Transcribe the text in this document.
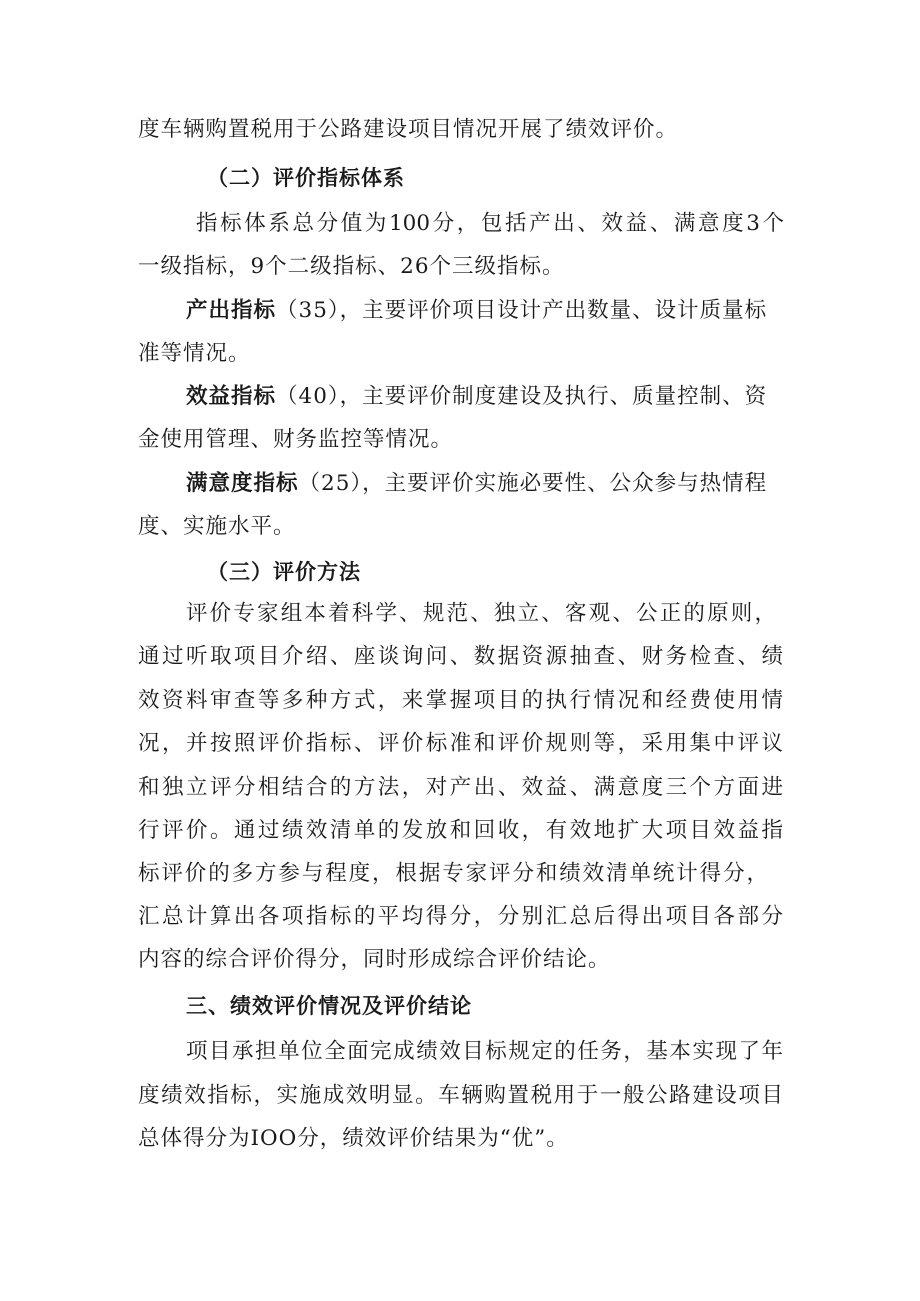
度车辆购置税用于公路建设项目情况开展了绩效评价。
（二）评价指标体系
指标体系总分值为100分，包括产出、效益、满意度3个
一级指标，9个二级指标、26个三级指标。
产出指标（35），主要评价项目设计产出数量、设计质量标
准等情况。
效益指标（40），主要评价制度建设及执行、质量控制、资
金使用管理、财务监控等情况。
满意度指标（25），主要评价实施必要性、公众参与热情程
度、实施水平。
（三）评价方法
评价专家组本着科学、规范、独立、客观、公正的原则，
通过听取项目介绍、座谈询问、数据资源抽查、财务检查、绩
效资料审查等多种方式，来掌握项目的执行情况和经费使用情
况，并按照评价指标、评价标准和评价规则等，采用集中评议
和独立评分相结合的方法，对产出、效益、满意度三个方面进
行评价。通过绩效清单的发放和回收，有效地扩大项目效益指
标评价的多方参与程度，根据专家评分和绩效清单统计得分，
汇总计算出各项指标的平均得分，分别汇总后得出项目各部分
内容的综合评价得分，同时形成综合评价结论。
三、绩效评价情况及评价结论
项目承担单位全面完成绩效目标规定的任务，基本实现了年
度绩效指标，实施成效明显。车辆购置税用于一般公路建设项目
总体得分为IOO分，绩效评价结果为“优”。
